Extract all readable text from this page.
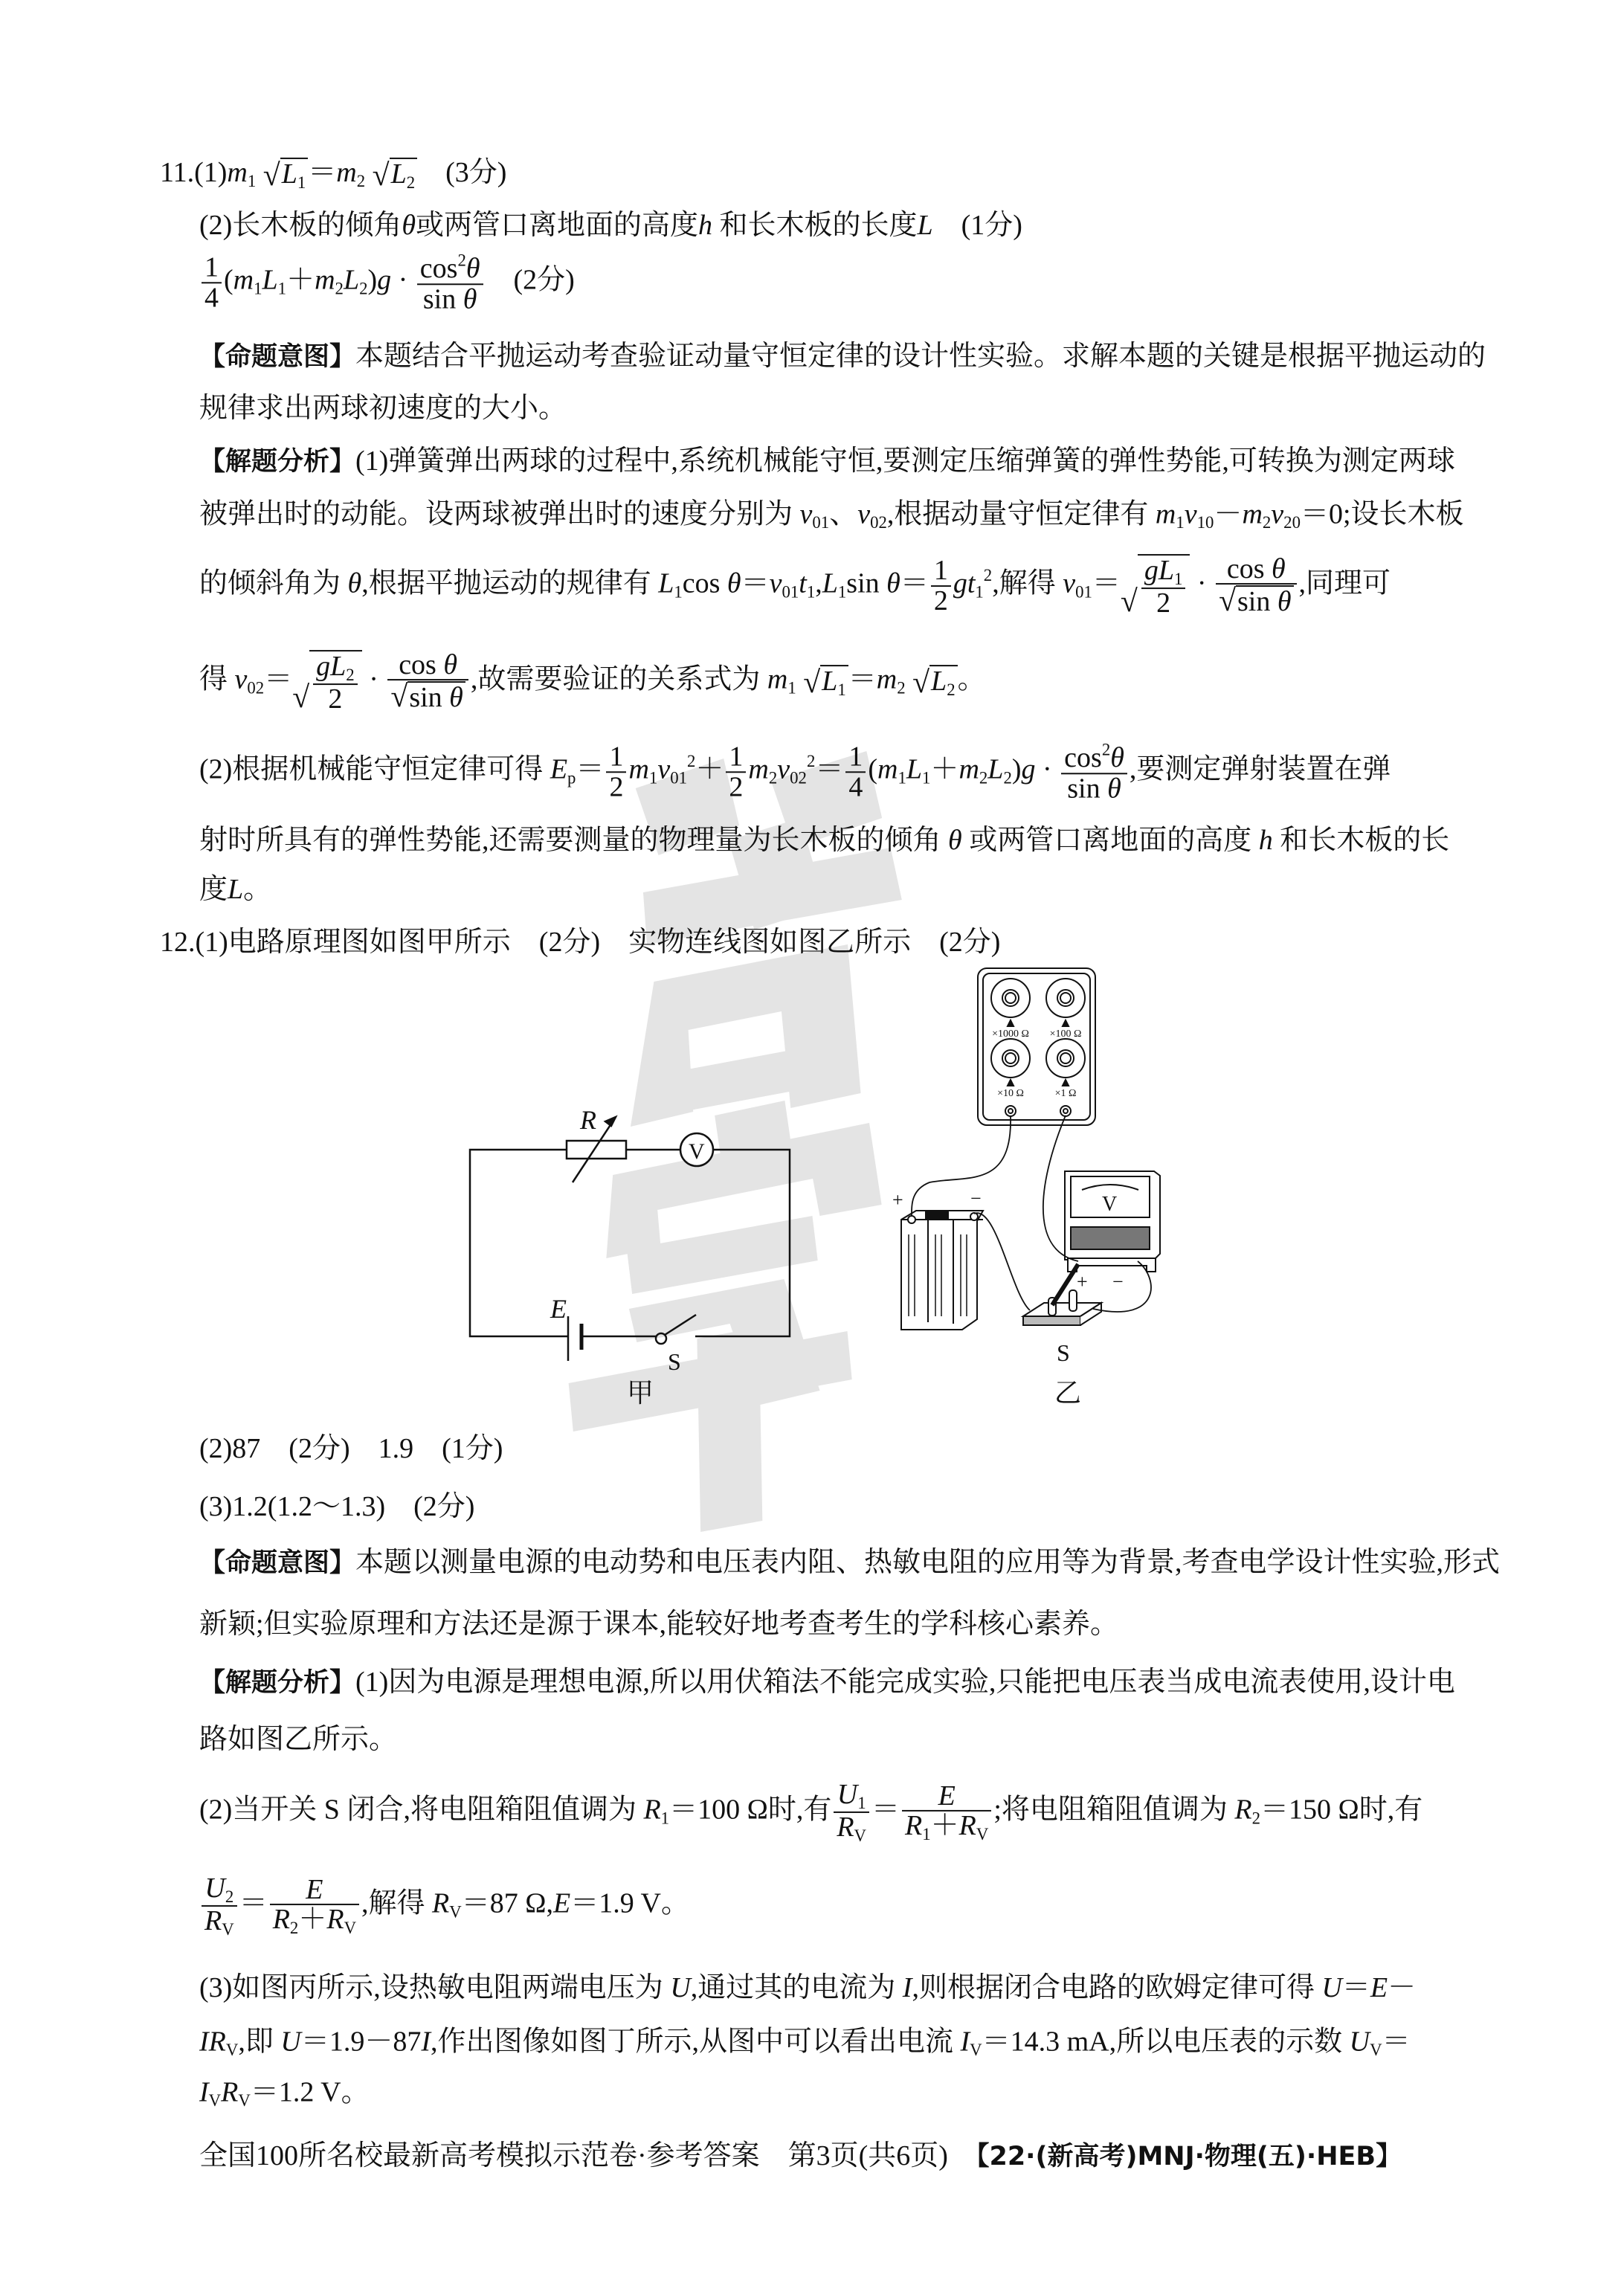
11.(1)m1 √ L1 ＝m2 √ L2 　(3分)
(2)长木板的倾角θ或两管口离地面的高度h 和长木板的长度L　(1分)
$\frac{1}{4} (m1L1+m2L2)g \cdot \frac{\cos^2\theta}{\text{sin θ}}$ 　(2分)
【命题意图】本题结合平抛运动考查验证动量守恒定律的设计性实验。求解本题的关键是根据平抛运动的
规律求出两球初速度的大小。
【解题分析】(1)弹簧弹出两球的过程中,系统机械能守恒,要测定压缩弹簧的弹性势能,可转换为测定两球
被弹出时的动能。设两球被弹出时的速度分别为 v01、v02,根据动量守恒定律有 m1v10－m2v20＝0;设长木板
的倾斜角为 θ,根据平抛运动的规律有 L1cos θ＝v01t1,L1sin $\theta= \frac{1}{2} gt1^2$,解得 v01＝
√ $\frac{gL1}{2} \cdot \frac{\text{cos θ}}{\text{√ sin θ}}$ ,同理可
得 v02＝
√ $\frac{gL2}{2} \cdot \frac{\text{cos θ}}{\text{√ sin θ}}$ ,故需要验证的关系式为 m1 √ L1 ＝m2 √ L2 。
(2)根据机械能守恒定律可得 $Ep= \frac{1}{2} m1v01^2+ \frac{1}{2} m2v02^2= \frac{1}{4} (m1L1+m2L2)g \cdot \frac{\cos^2\theta}{\text{sin θ}}$ ,要测定弹射装置在弹
射时所具有的弹性势能,还需要测量的物理量为长木板的倾角 θ 或两管口离地面的高度 h 和长木板的长
度L。
12.(1)电路原理图如图甲所示　(2分)　实物连线图如图乙所示　(2分)
(2)87　(2分)　1.9　(1分)
(3)1.2(1.2～1.3)　(2分)
【命题意图】本题以测量电源的电动势和电压表内阻、热敏电阻的应用等为背景,考查电学设计性实验,形式
新颖;但实验原理和方法还是源于课本,能较好地考查考生的学科核心素养。
【解题分析】(1)因为电源是理想电源,所以用伏箱法不能完成实验,只能把电压表当成电流表使用,设计电
路如图乙所示。
(2)当开关 S 闭合,将电阻箱阻值调为 R1＝100 Ω时,有 $\frac{U1}{RV} = \frac{E}{R1+RV}$ ;将电阻箱阻值调为 R2＝150 Ω时,有
$\frac{U2}{RV} = \frac{E}{R2+RV}$ ,解得 RV＝87 Ω,E＝1.9 V。
(3)如图丙所示,设热敏电阻两端电压为 U,通过其的电流为 I,则根据闭合电路的欧姆定律可得 U＝E－
IRV,即 U＝1.9－87I,作出图像如图丁所示,从图中可以看出电流 IV＝14.3 mA,所以电压表的示数 UV＝
IVRV＝1.2 V。
全国100所名校最新高考模拟示范卷·参考答案　第3页(共6页)　【22·(新高考)MNJ·物理(五)·HEB】
R
V
E
S
甲
×1000 Ω ×100 Ω
×10 Ω	×1 Ω
+	−	V
+ −
S
乙
